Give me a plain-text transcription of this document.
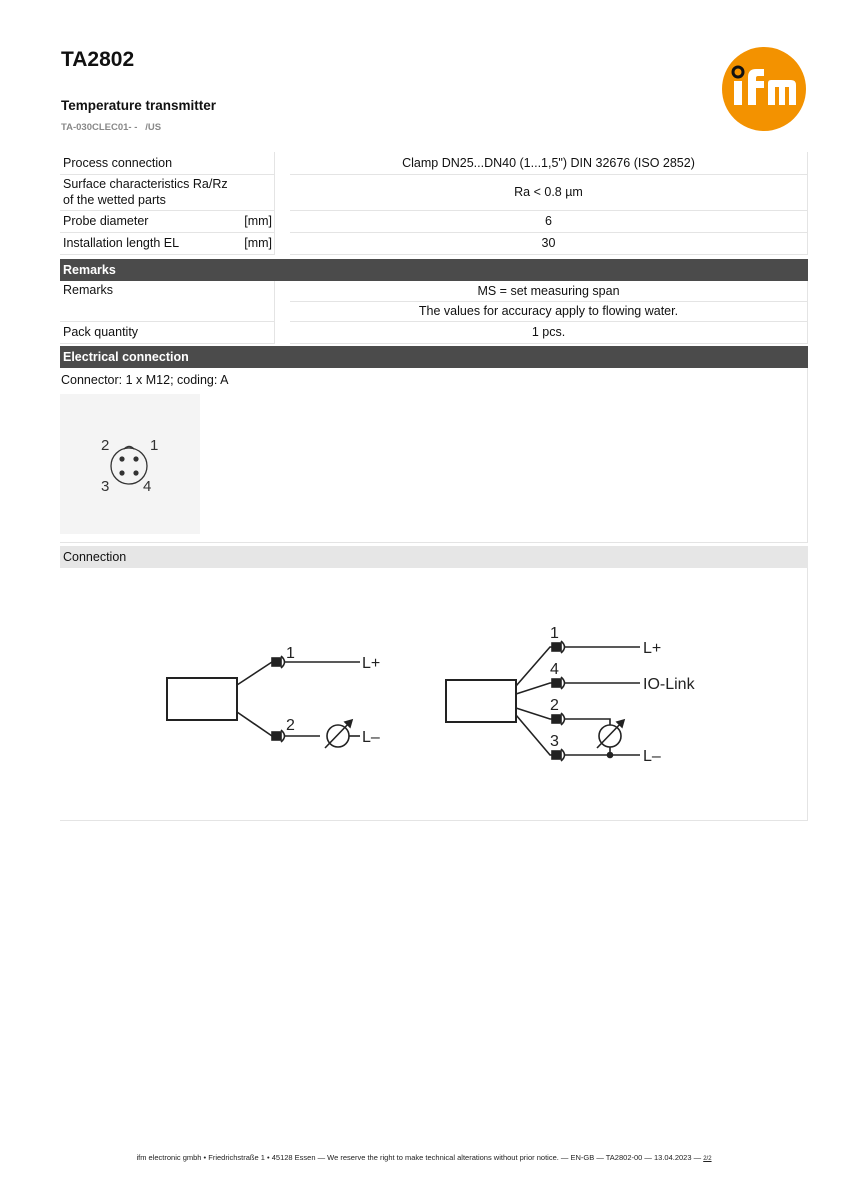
TA2802
Temperature transmitter
TA-030CLEC01- -   /US
Process connection			Clamp DN25...DN40 (1...1,5") DIN 32676 (ISO 2852)
Surface characteristics Ra/Rz
of the wetted parts			Ra < 0.8 µm
Probe diameter	[mm]		6
Installation length EL	[mm]		30
Remarks
Remarks			MS = set measuring span
			The values for accuracy apply to flowing water.
Pack quantity			1 pcs.
Electrical connection
Connector: 1 x M12; coding: A
1
2
3 4
Connection
1
2
L+
L–
1
4
2
3
L+
IO-Link
L–
ifm electronic gmbh • Friedrichstraße 1 • 45128 Essen — We reserve the right to make technical alterations without prior notice. — EN-GB — TA2802-00 — 13.04.2023 — 2/2
